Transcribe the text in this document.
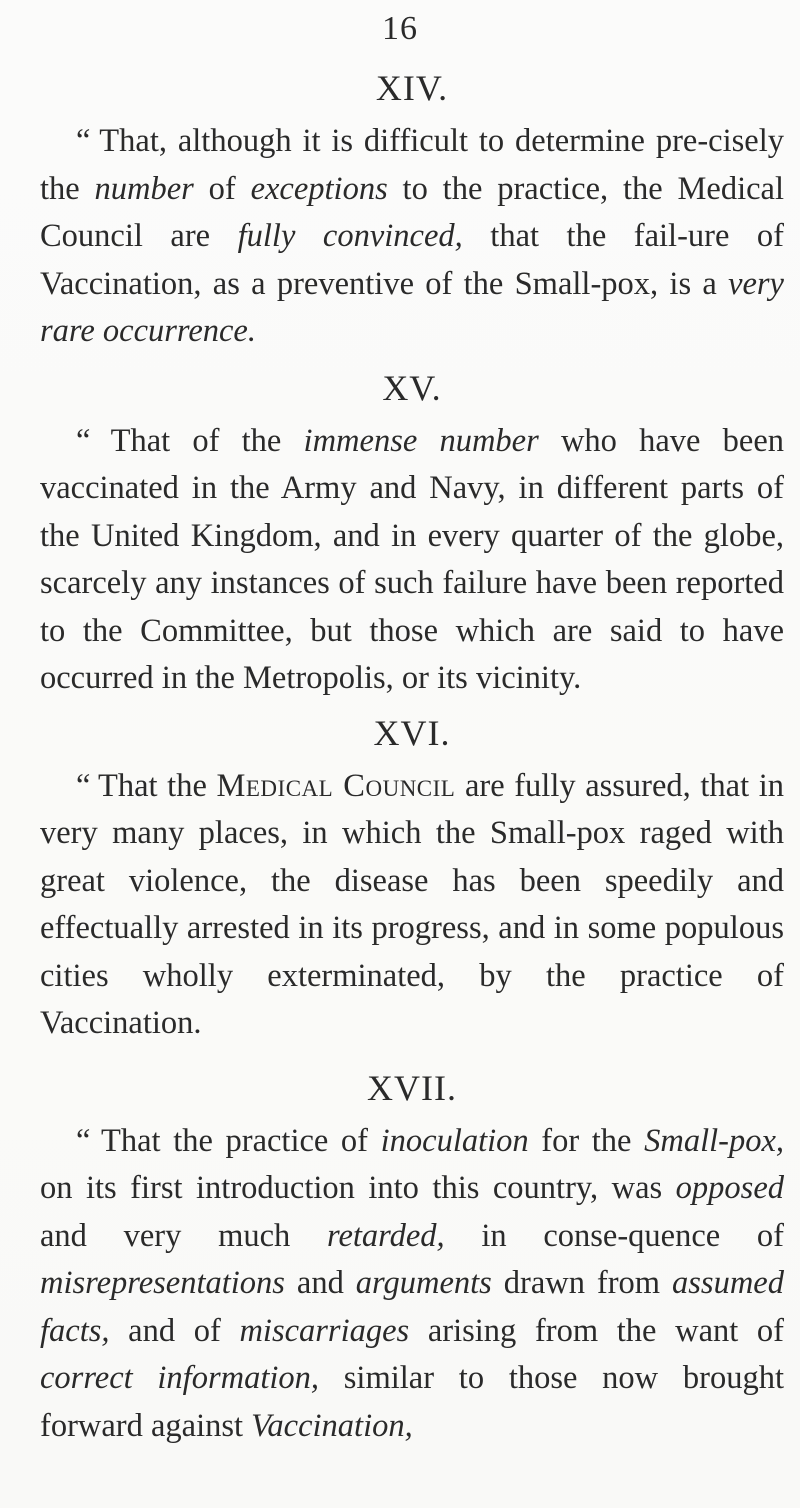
16

XIV.

“ That, although it is difficult to determine pre-cisely the number of exceptions to the practice, the Medical Council are fully convinced, that the fail-ure of Vaccination, as a preventive of the Small-pox, is a very rare occurrence.

XV.

“ That of the immense number who have been vaccinated in the Army and Navy, in different parts of the United Kingdom, and in every quarter of the globe, scarcely any instances of such failure have been reported to the Committee, but those which are said to have occurred in the Metropolis, or its vicinity.

XVI.

“ That the Medical Council are fully assured, that in very many places, in which the Small-pox raged with great violence, the disease has been speedily and effectually arrested in its progress, and in some populous cities wholly exterminated, by the practice of Vaccination.

XVII.

“ That the practice of inoculation for the Small-pox, on its first introduction into this country, was opposed and very much retarded, in conse-quence of misrepresentations and arguments drawn from assumed facts, and of miscarriages arising from the want of correct information, similar to those now brought forward against Vaccination,
